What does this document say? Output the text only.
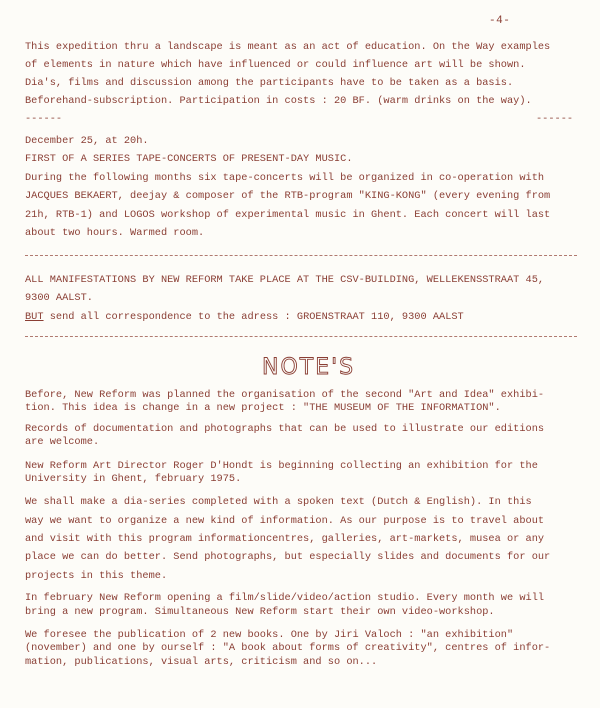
-4-
This expedition thru a landscape is meant as an act of education. On the Way examples
of elements in nature which have influenced or could influence art will be shown.
Dia's, films and discussion among the participants have to be taken as a basis.
Beforehand-subscription. Participation in costs : 20 BF. (warm drinks on the way).
------	------
December 25, at 20h.
FIRST OF A SERIES TAPE-CONCERTS OF PRESENT-DAY MUSIC.
During the following months six tape-concerts will be organized in co-operation with
JACQUES BEKAERT, deejay & composer of the RTB-program "KING-KONG" (every evening from
21h, RTB-1) and LOGOS workshop of experimental music in Ghent. Each concert will last
about two hours. Warmed room.
ALL MANIFESTATIONS BY NEW REFORM TAKE PLACE AT THE CSV-BUILDING, WELLEKENSSTRAAT 45,
9300 AALST.
BUT send all correspondence to the adress : GROENSTRAAT 110, 9300 AALST
NOTE'S
Before, New Reform was planned the organisation of the second "Art and Idea" exhibi-
tion. This idea is change in a new project : "THE MUSEUM OF THE INFORMATION".
Records of documentation and photographs that can be used to illustrate our editions
are welcome.
New Reform Art Director Roger D'Hondt is beginning collecting an exhibition for the
University in Ghent, february 1975.
We shall make a dia-series completed with a spoken text (Dutch & English). In this
way we want to organize a new kind of information. As our purpose is to travel about
and visit with this program informationcentres, galleries, art-markets, musea or any
place we can do better. Send photographs, but especially slides and documents for our
projects in this theme.
In february New Reform opening a film/slide/video/action studio. Every month we will
bring a new program. Simultaneous New Reform start their own video-workshop.
We foresee the publication of 2 new books. One by Jiri Valoch : "an exhibition"
(november) and one by ourself : "A book about forms of creativity", centres of infor-
mation, publications, visual arts, criticism and so on...
